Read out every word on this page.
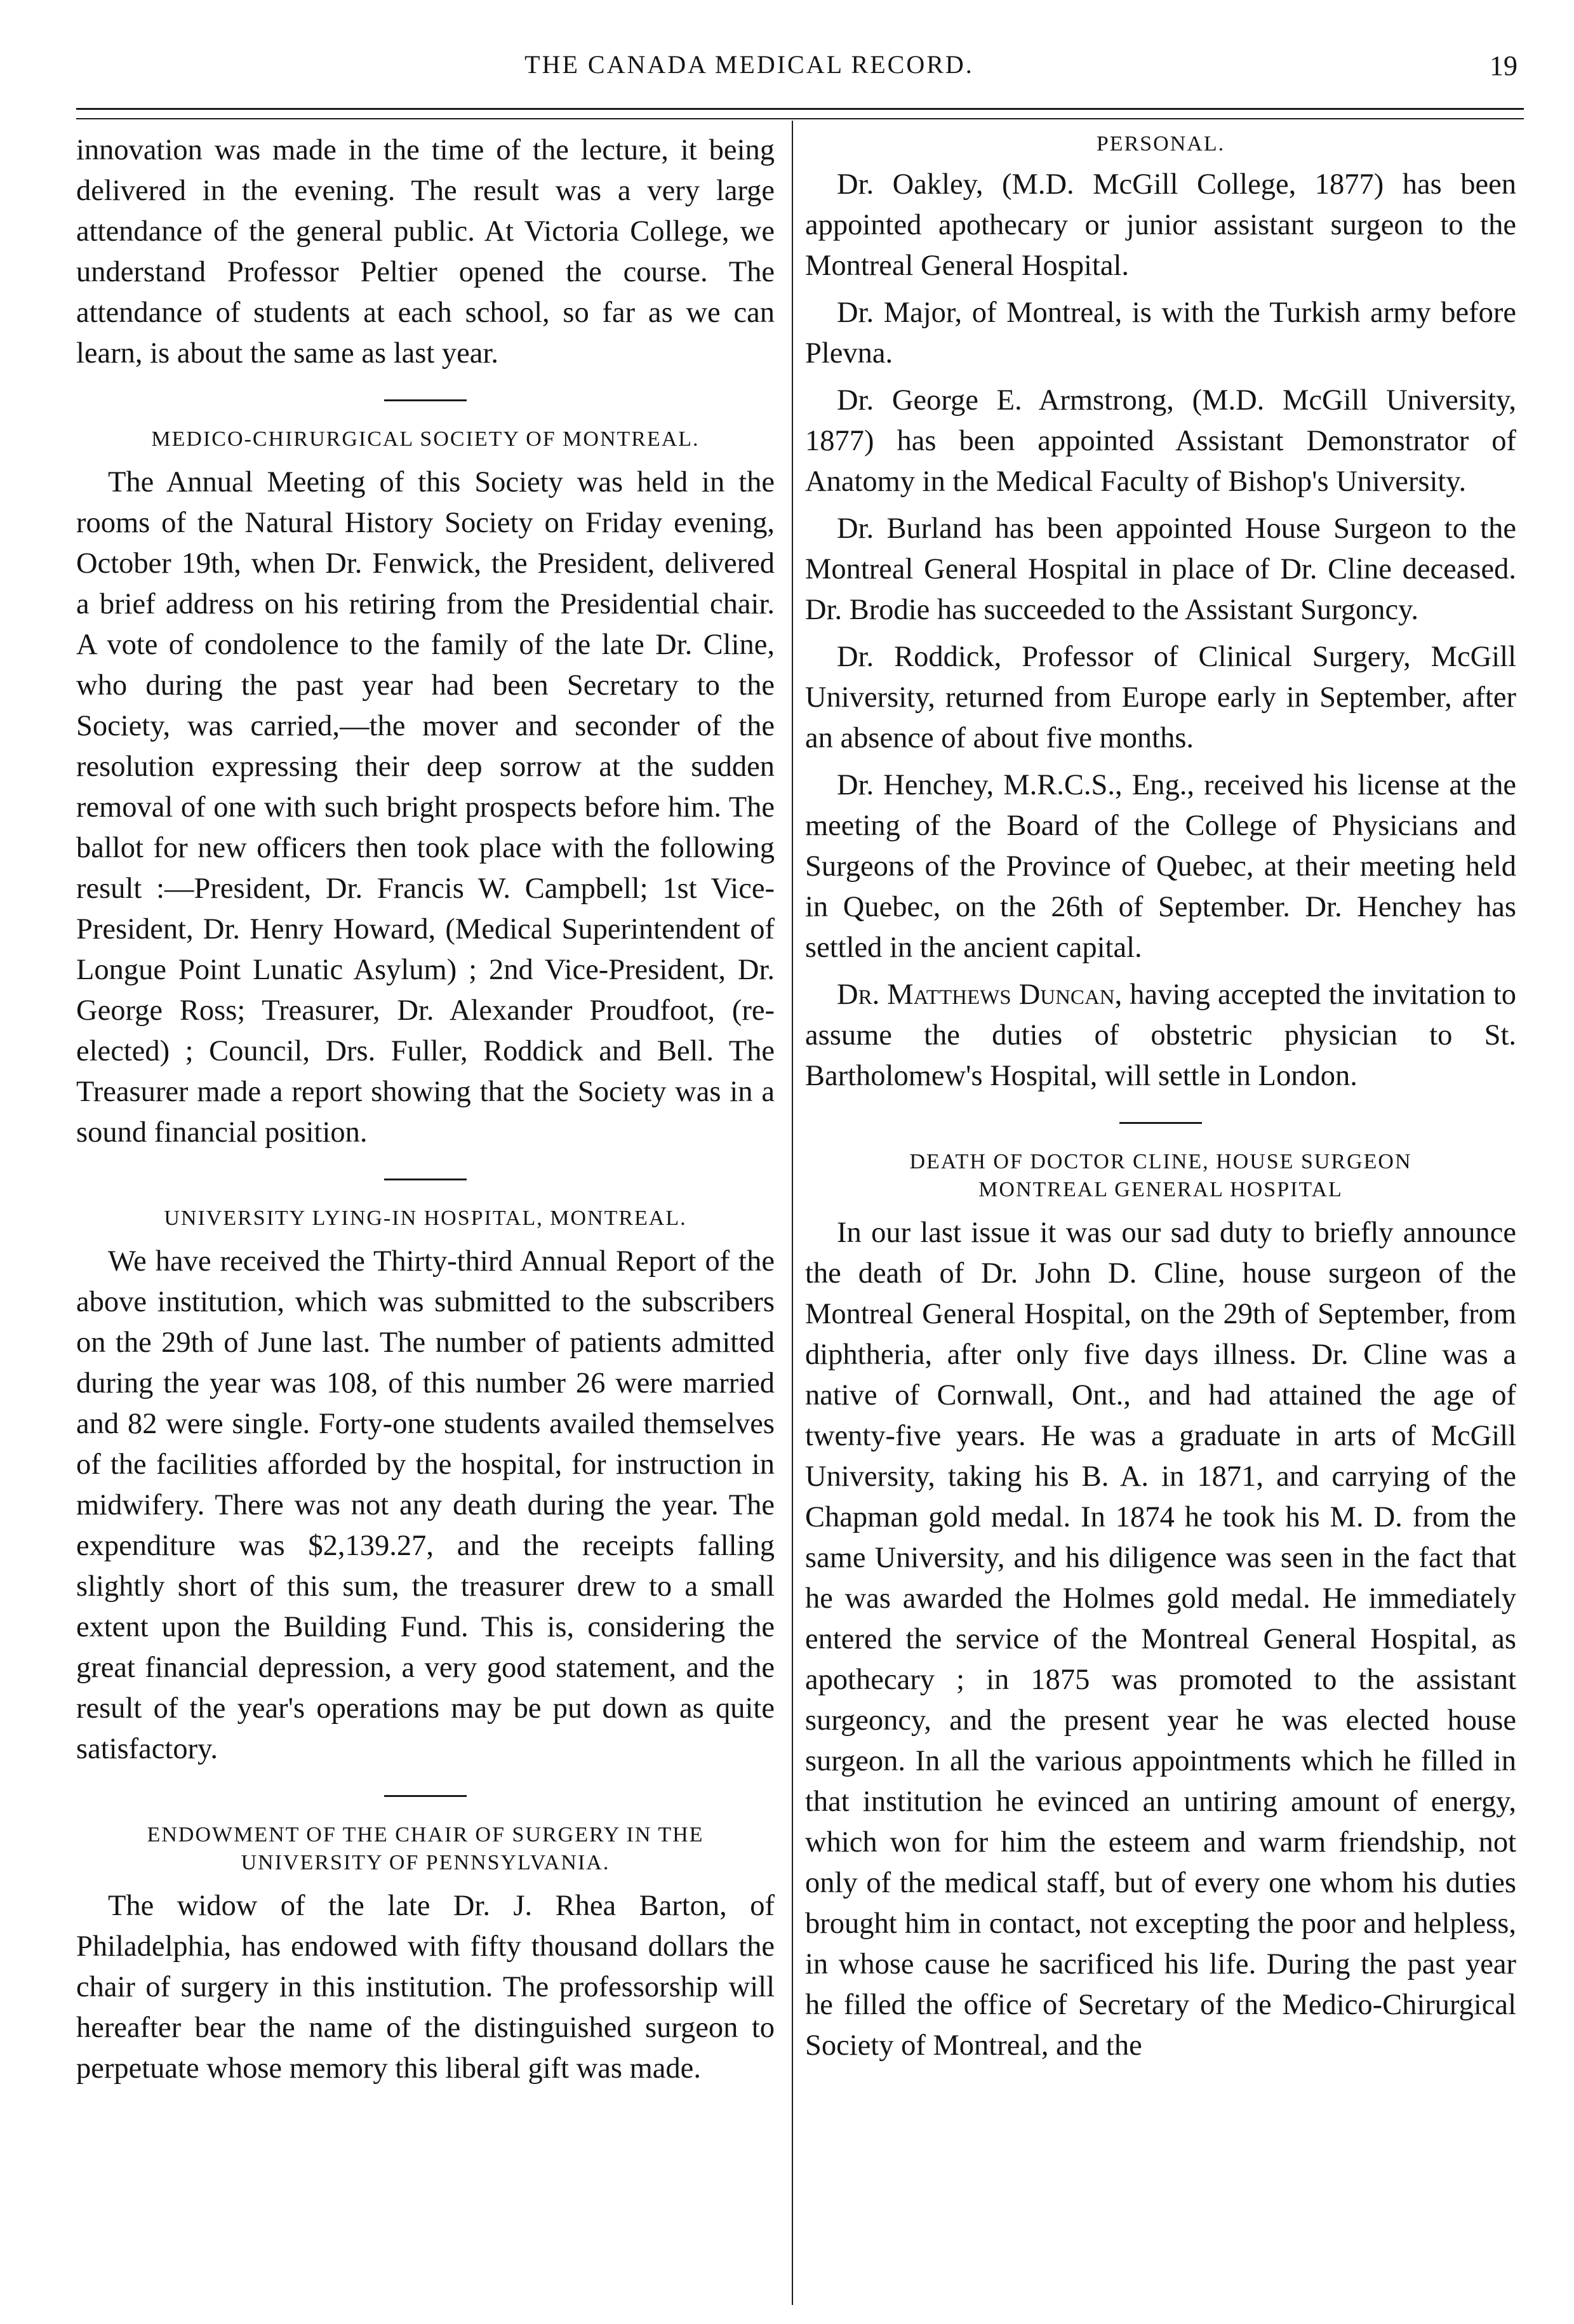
THE CANADA MEDICAL RECORD.	19

innovation was made in the time of the lecture, it being delivered in the evening. The result was a very large attendance of the general public. At Victoria College, we understand Professor Peltier opened the course. The attendance of students at each school, so far as we can learn, is about the same as last year.

MEDICO-CHIRURGICAL SOCIETY OF MONTREAL.

The Annual Meeting of this Society was held in the rooms of the Natural History Society on Friday evening, October 19th, when Dr. Fenwick, the President, delivered a brief address on his retiring from the Presidential chair. A vote of condolence to the family of the late Dr. Cline, who during the past year had been Secretary to the Society, was carried,—the mover and seconder of the resolution expressing their deep sorrow at the sudden removal of one with such bright prospects before him. The ballot for new officers then took place with the following result :—President, Dr. Francis W. Campbell; 1st Vice-President, Dr. Henry Howard, (Medical Superintendent of Longue Point Lunatic Asylum) ; 2nd Vice-President, Dr. George Ross; Treasurer, Dr. Alexander Proudfoot, (re-elected) ; Council, Drs. Fuller, Roddick and Bell. The Treasurer made a report showing that the Society was in a sound financial position.

UNIVERSITY LYING-IN HOSPITAL, MONTREAL.

We have received the Thirty-third Annual Report of the above institution, which was submitted to the subscribers on the 29th of June last. The number of patients admitted during the year was 108, of this number 26 were married and 82 were single. Forty-one students availed themselves of the facilities afforded by the hospital, for instruction in midwifery. There was not any death during the year. The expenditure was $2,139.27, and the receipts falling slightly short of this sum, the treasurer drew to a small extent upon the Building Fund. This is, considering the great financial depression, a very good statement, and the result of the year's operations may be put down as quite satisfactory.

ENDOWMENT OF THE CHAIR OF SURGERY IN THE
UNIVERSITY OF PENNSYLVANIA.

The widow of the late Dr. J. Rhea Barton, of Philadelphia, has endowed with fifty thousand dollars the chair of surgery in this institution. The professorship will hereafter bear the name of the distinguished surgeon to perpetuate whose memory this liberal gift was made.

PERSONAL.

Dr. Oakley, (M.D. McGill College, 1877) has been appointed apothecary or junior assistant surgeon to the Montreal General Hospital.

Dr. Major, of Montreal, is with the Turkish army before Plevna.

Dr. George E. Armstrong, (M.D. McGill University, 1877) has been appointed Assistant Demonstrator of Anatomy in the Medical Faculty of Bishop's University.

Dr. Burland has been appointed House Surgeon to the Montreal General Hospital in place of Dr. Cline deceased. Dr. Brodie has succeeded to the Assistant Surgoncy.

Dr. Roddick, Professor of Clinical Surgery, McGill University, returned from Europe early in September, after an absence of about five months.

Dr. Henchey, M.R.C.S., Eng., received his license at the meeting of the Board of the College of Physicians and Surgeons of the Province of Quebec, at their meeting held in Quebec, on the 26th of September. Dr. Henchey has settled in the ancient capital.

Dr. Matthews Duncan, having accepted the invitation to assume the duties of obstetric physician to St. Bartholomew's Hospital, will settle in London.

DEATH OF DOCTOR CLINE, HOUSE SURGEON
MONTREAL GENERAL HOSPITAL

In our last issue it was our sad duty to briefly announce the death of Dr. John D. Cline, house surgeon of the Montreal General Hospital, on the 29th of September, from diphtheria, after only five days illness. Dr. Cline was a native of Cornwall, Ont., and had attained the age of twenty-five years. He was a graduate in arts of McGill University, taking his B. A. in 1871, and carrying of the Chapman gold medal. In 1874 he took his M. D. from the same University, and his diligence was seen in the fact that he was awarded the Holmes gold medal. He immediately entered the service of the Montreal General Hospital, as apothecary ; in 1875 was promoted to the assistant surgeoncy, and the present year he was elected house surgeon. In all the various appointments which he filled in that institution he evinced an untiring amount of energy, which won for him the esteem and warm friendship, not only of the medical staff, but of every one whom his duties brought him in contact, not excepting the poor and helpless, in whose cause he sacrificed his life. During the past year he filled the office of Secretary of the Medico-Chirurgical Society of Montreal, and the
